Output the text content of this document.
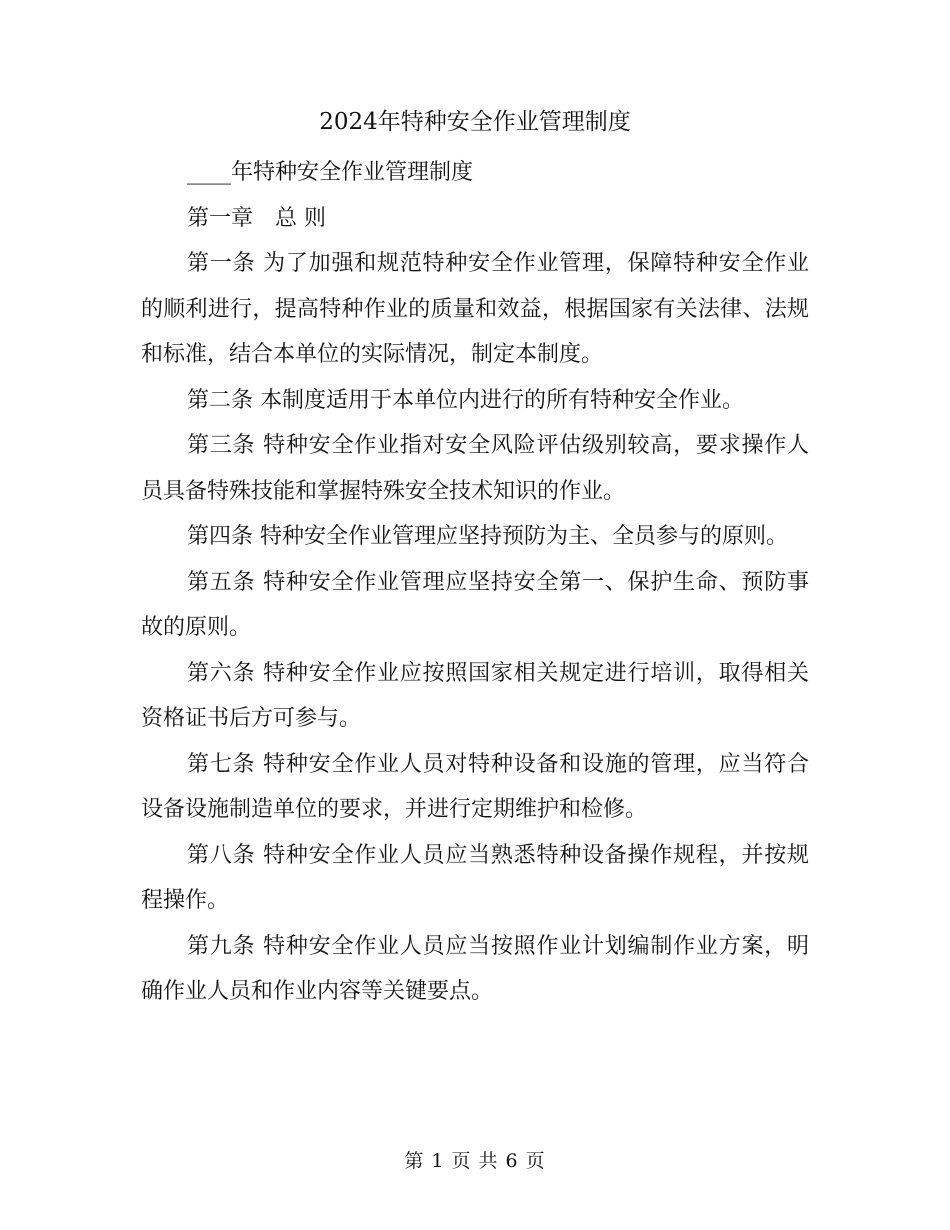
2024年特种安全作业管理制度

____年特种安全作业管理制度

第一章　总 则

第一条 为了加强和规范特种安全作业管理，保障特种安全作业的顺利进行，提高特种作业的质量和效益，根据国家有关法律、法规和标准，结合本单位的实际情况，制定本制度。

第二条 本制度适用于本单位内进行的所有特种安全作业。

第三条 特种安全作业指对安全风险评估级别较高，要求操作人员具备特殊技能和掌握特殊安全技术知识的作业。

第四条 特种安全作业管理应坚持预防为主、全员参与的原则。

第五条 特种安全作业管理应坚持安全第一、保护生命、预防事故的原则。

第六条 特种安全作业应按照国家相关规定进行培训，取得相关资格证书后方可参与。

第七条 特种安全作业人员对特种设备和设施的管理，应当符合设备设施制造单位的要求，并进行定期维护和检修。

第八条 特种安全作业人员应当熟悉特种设备操作规程，并按规程操作。

第九条 特种安全作业人员应当按照作业计划编制作业方案，明确作业人员和作业内容等关键要点。

第 1 页 共 6 页
